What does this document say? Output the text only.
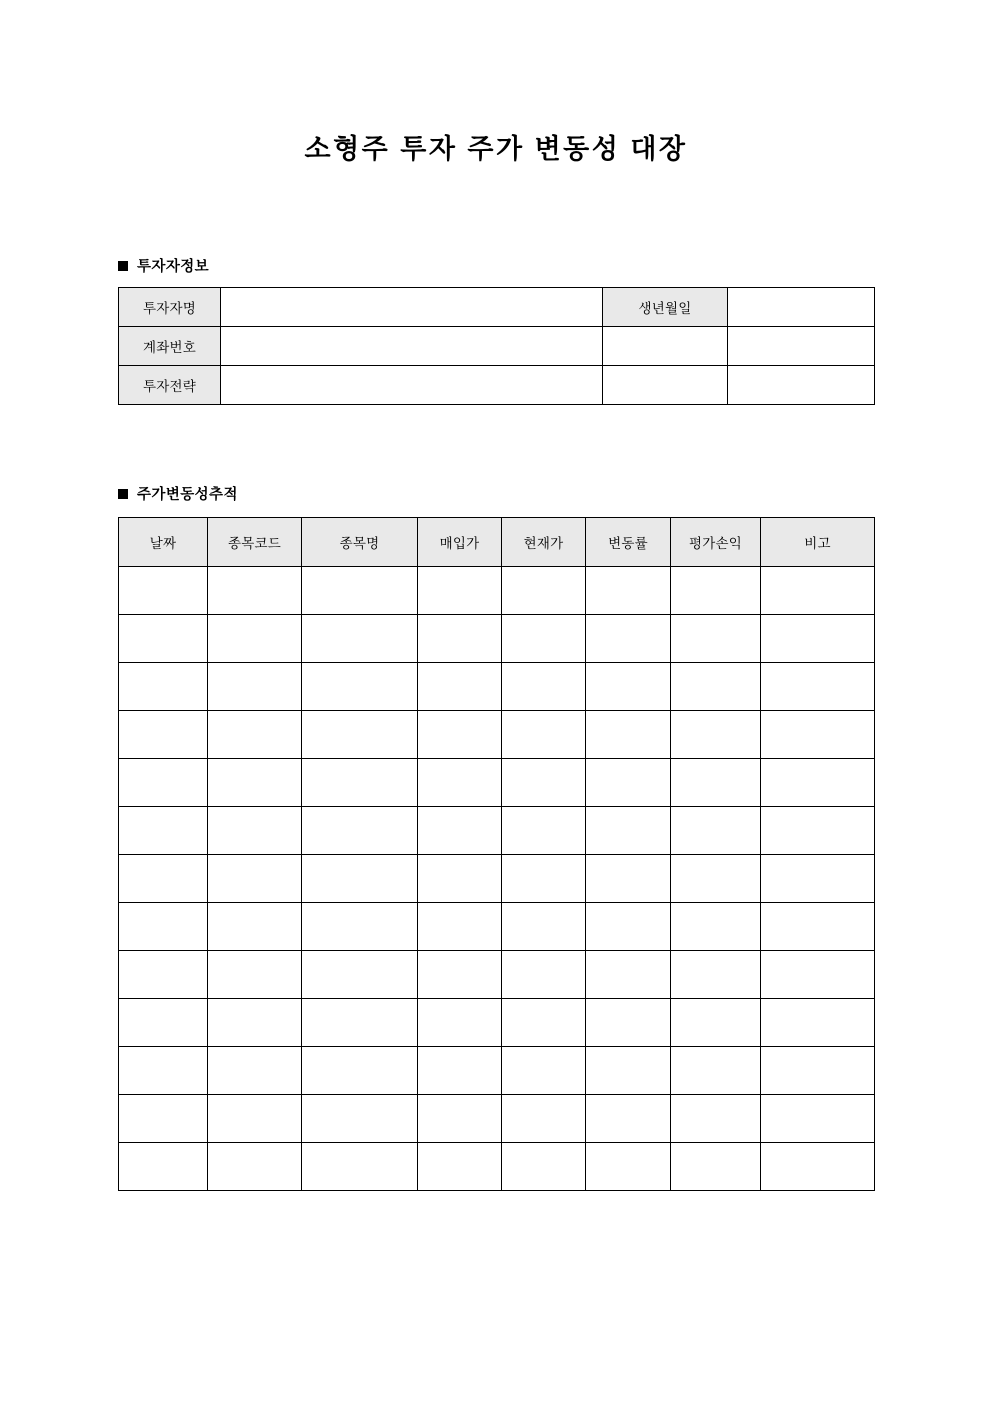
소형주 투자 주가 변동성 대장
투자자정보
투자자명		생년월일	
계좌번호			
투자전략			
주가변동성추적
날짜	종목코드	종목명	매입가	현재가	변동률	평가손익	비고
